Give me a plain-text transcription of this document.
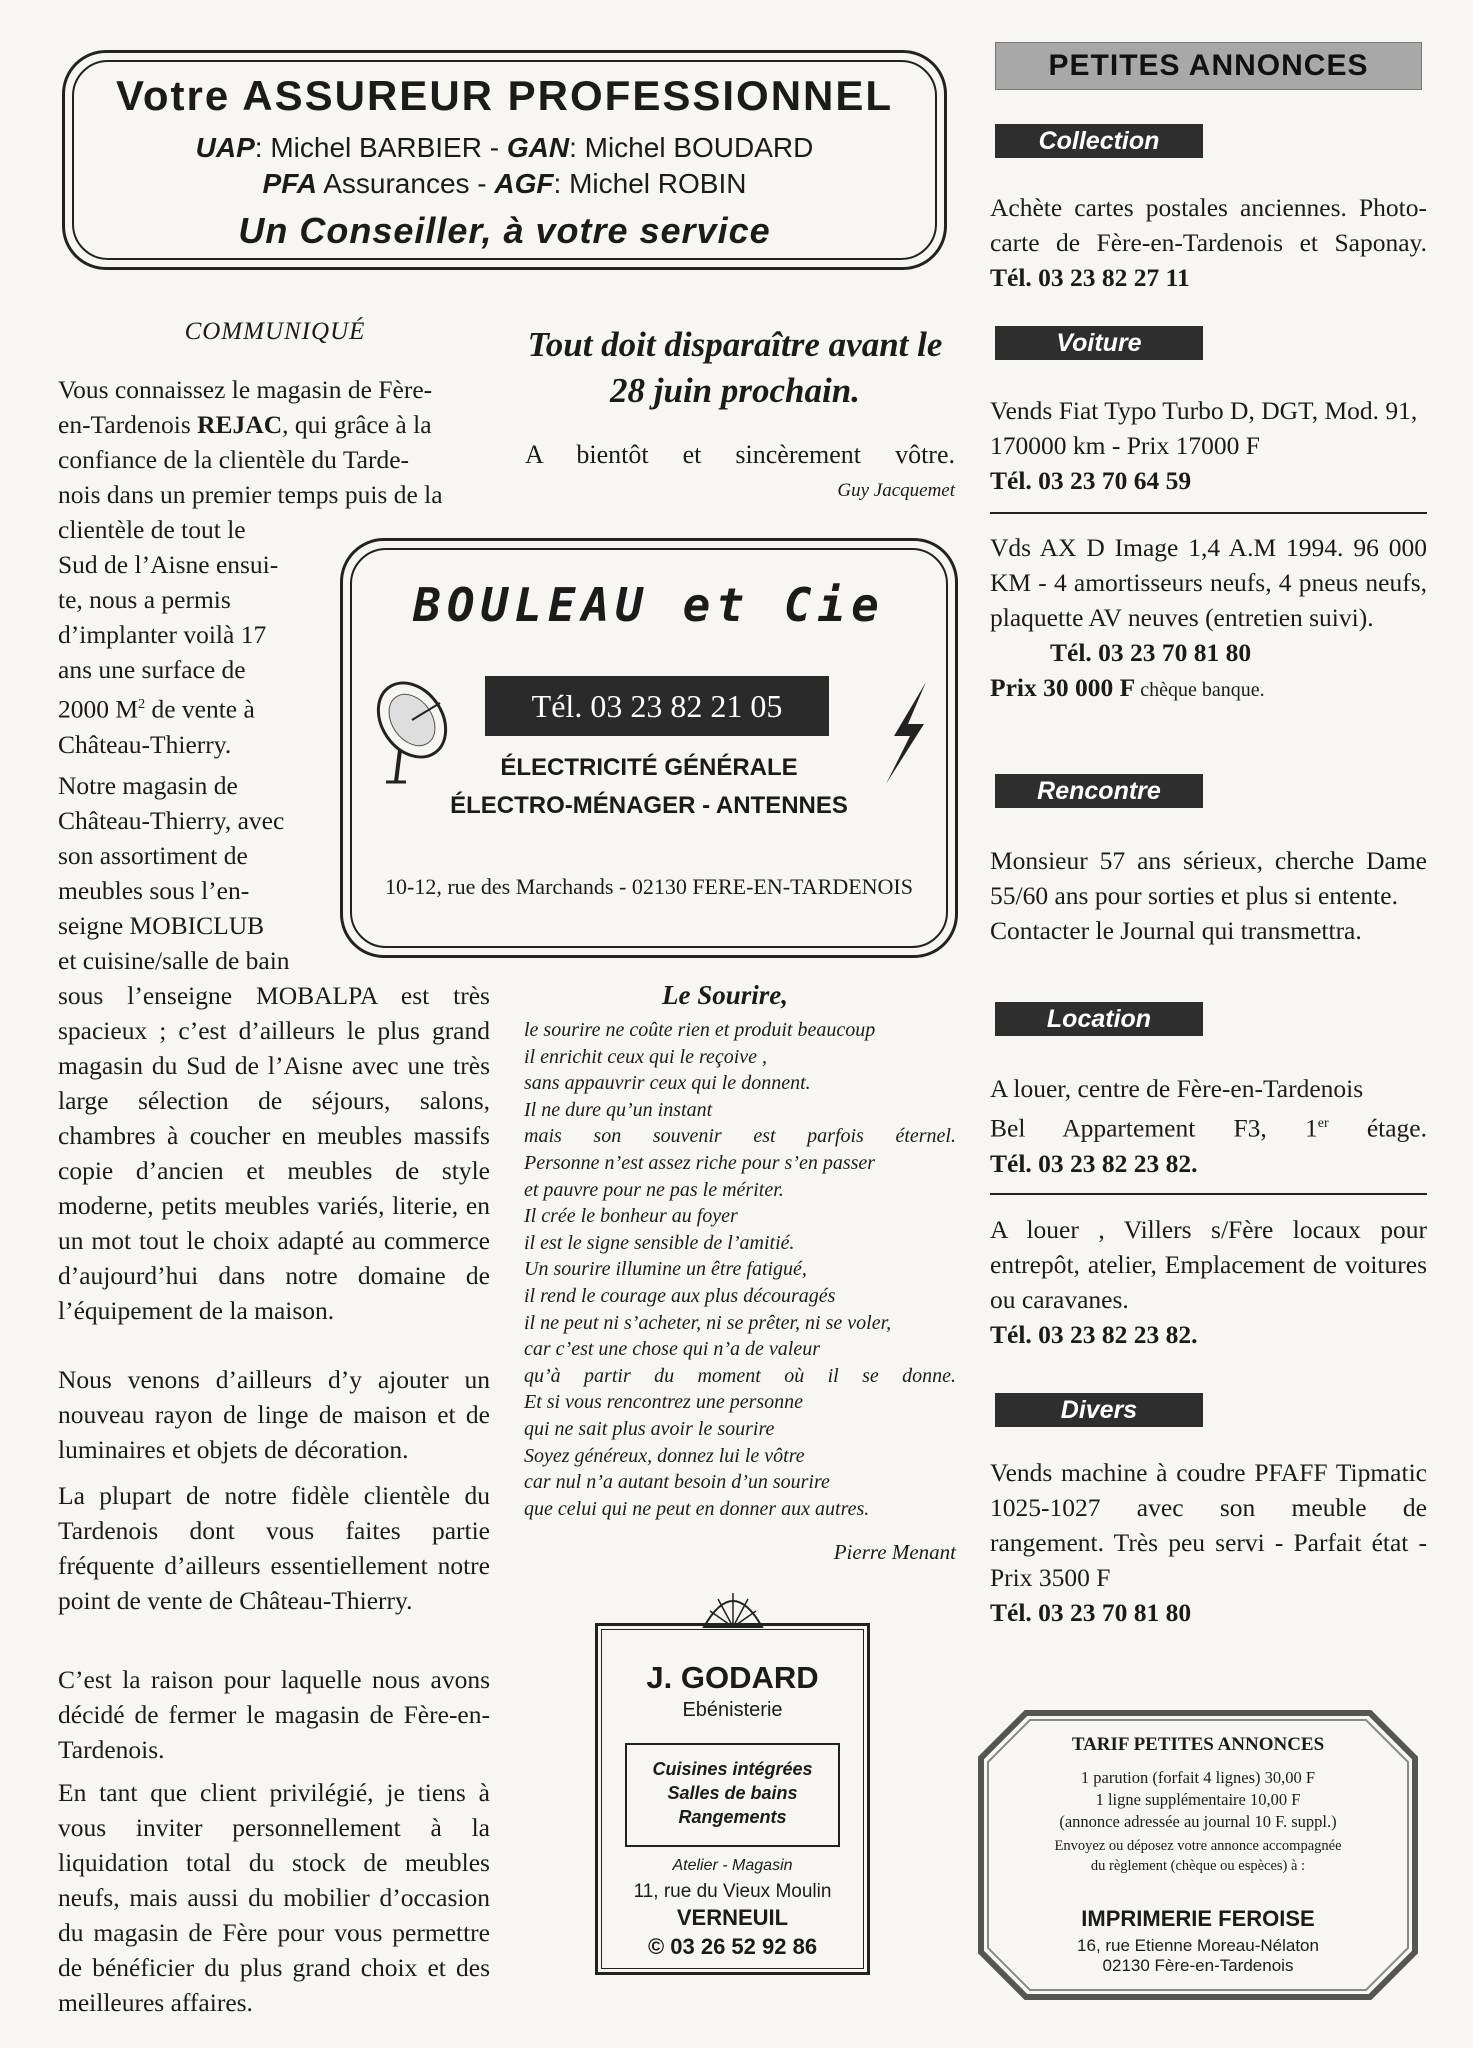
Votre ASSUREUR PROFESSIONNEL
UAP: Michel BARBIER - GAN: Michel BOUDARD
PFA Assurances - AGF: Michel ROBIN
Un Conseiller, à votre service
COMMUNIQUÉ

Vous connaissez le magasin de Fère-
en-Tardenois REJAC, qui grâce à la
confiance de la clientèle du Tarde-
nois dans un premier temps puis de la

clientèle de tout le
Sud de l’Aisne ensui-
te, nous a permis
d’implanter voilà 17
ans une surface de
2000 $M^2$ de vente à
Château-Thierry.

Notre magasin de
Château-Thierry, avec
son assortiment de
meubles sous l’en-
seigne MOBICLUB
et cuisine/salle de bain

sous l’enseigne MOBALPA est très spacieux ; c’est d’ailleurs le plus grand magasin du Sud de l’Aisne avec une très large sélection de séjours, salons, chambres à coucher en meubles massifs copie d’ancien et meubles de style moderne, petits meubles variés, literie, en un mot tout le choix adapté au commerce d’aujourd’hui dans notre domaine de l’équipement de la maison.

Nous venons d’ailleurs d’y ajouter un nouveau rayon de linge de maison et de luminaires et objets de décoration.
La plupart de notre fidèle clientèle du Tardenois dont vous faites partie fréquente d’ailleurs essentiellement notre point de vente de Château-Thierry.
C’est la raison pour laquelle nous avons décidé de fermer le magasin de Fère-en-Tardenois.
En tant que client privilégié, je tiens à vous inviter personnellement à la liquidation total du stock de meubles neufs, mais aussi du mobilier d’occasion du magasin de Fère pour vous permettre de bénéficier du plus grand choix et des meilleures affaires.
Tout doit disparaître avant le 28 juin prochain.
A bientôt et sincèrement vôtre.
Guy Jacquemet
BOULEAU et Cie
Tél. 03 23 82 21 05
ÉLECTRICITÉ GÉNÉRALE
ÉLECTRO-MÉNAGER - ANTENNES
10-12, rue des Marchands - 02130 FERE-EN-TARDENOIS
Le Sourire,
le sourire ne coûte rien et produit beaucoup
il enrichit ceux qui le reçoive ,
sans appauvrir ceux qui le donnent.
Il ne dure qu’un instant
mais son souvenir est parfois éternel.
Personne n’est assez riche pour s’en passer
et pauvre pour ne pas le mériter.
Il crée le bonheur au foyer
il est le signe sensible de l’amitié.
Un sourire illumine un être fatigué,
il rend le courage aux plus découragés
il ne peut ni s’acheter, ni se prêter, ni se voler,
car c’est une chose qui n’a de valeur
qu’à partir du moment où il se donne.
Et si vous rencontrez une personne
qui ne sait plus avoir le sourire
Soyez généreux, donnez lui le vôtre
car nul n’a autant besoin d’un sourire
que celui qui ne peut en donner aux autres.
Pierre Menant
J. GODARD
Ebénisterie
Cuisines intégrées
Salles de bains
Rangements
Atelier - Magasin
11, rue du Vieux Moulin
VERNEUIL
© 03 26 52 92 86
PETITES ANNONCES
Collection

Achète cartes postales anciennes. Photo-carte de Fère-en-Tardenois et Saponay. Tél. 03 23 82 27 11

Voiture

Vends Fiat Typo Turbo D, DGT, Mod. 91, 170000 km - Prix 17000 F

Tél. 03 23 70 64 59

Vds AX D Image 1,4 A.M 1994. 96 000 KM - 4 amortisseurs neufs, 4 pneus neufs, plaquette AV neuves (entretien suivi).

Tél. 03 23 70 81 80

Prix 30 000 F chèque banque.

Rencontre

Monsieur 57 ans sérieux, cherche Dame 55/60 ans pour sorties et plus si entente.

Contacter le Journal qui transmettra.

Location

A louer, centre de Fère-en-Tardenois

Bel Appartement F3, 1er étage.

Tél. 03 23 82 23 82.

A louer , Villers s/Fère locaux pour entrepôt, atelier, Emplacement de voitures ou caravanes.

Tél. 03 23 82 23 82.

Divers

Vends machine à coudre PFAFF Tipmatic 1025-1027 avec son meuble de rangement. Très peu servi - Parfait état - Prix 3500 F

Tél. 03 23 70 81 80

TARIF PETITES ANNONCES
1 parution (forfait 4 lignes) 30,00 F
1 ligne supplémentaire 10,00 F
(annonce adressée au journal 10 F. suppl.)
Envoyez ou déposez votre annonce accompagnée
du règlement (chèque ou espèces) à :
IMPRIMERIE FEROISE
16, rue Etienne Moreau-Nélaton
02130 Fère-en-Tardenois
